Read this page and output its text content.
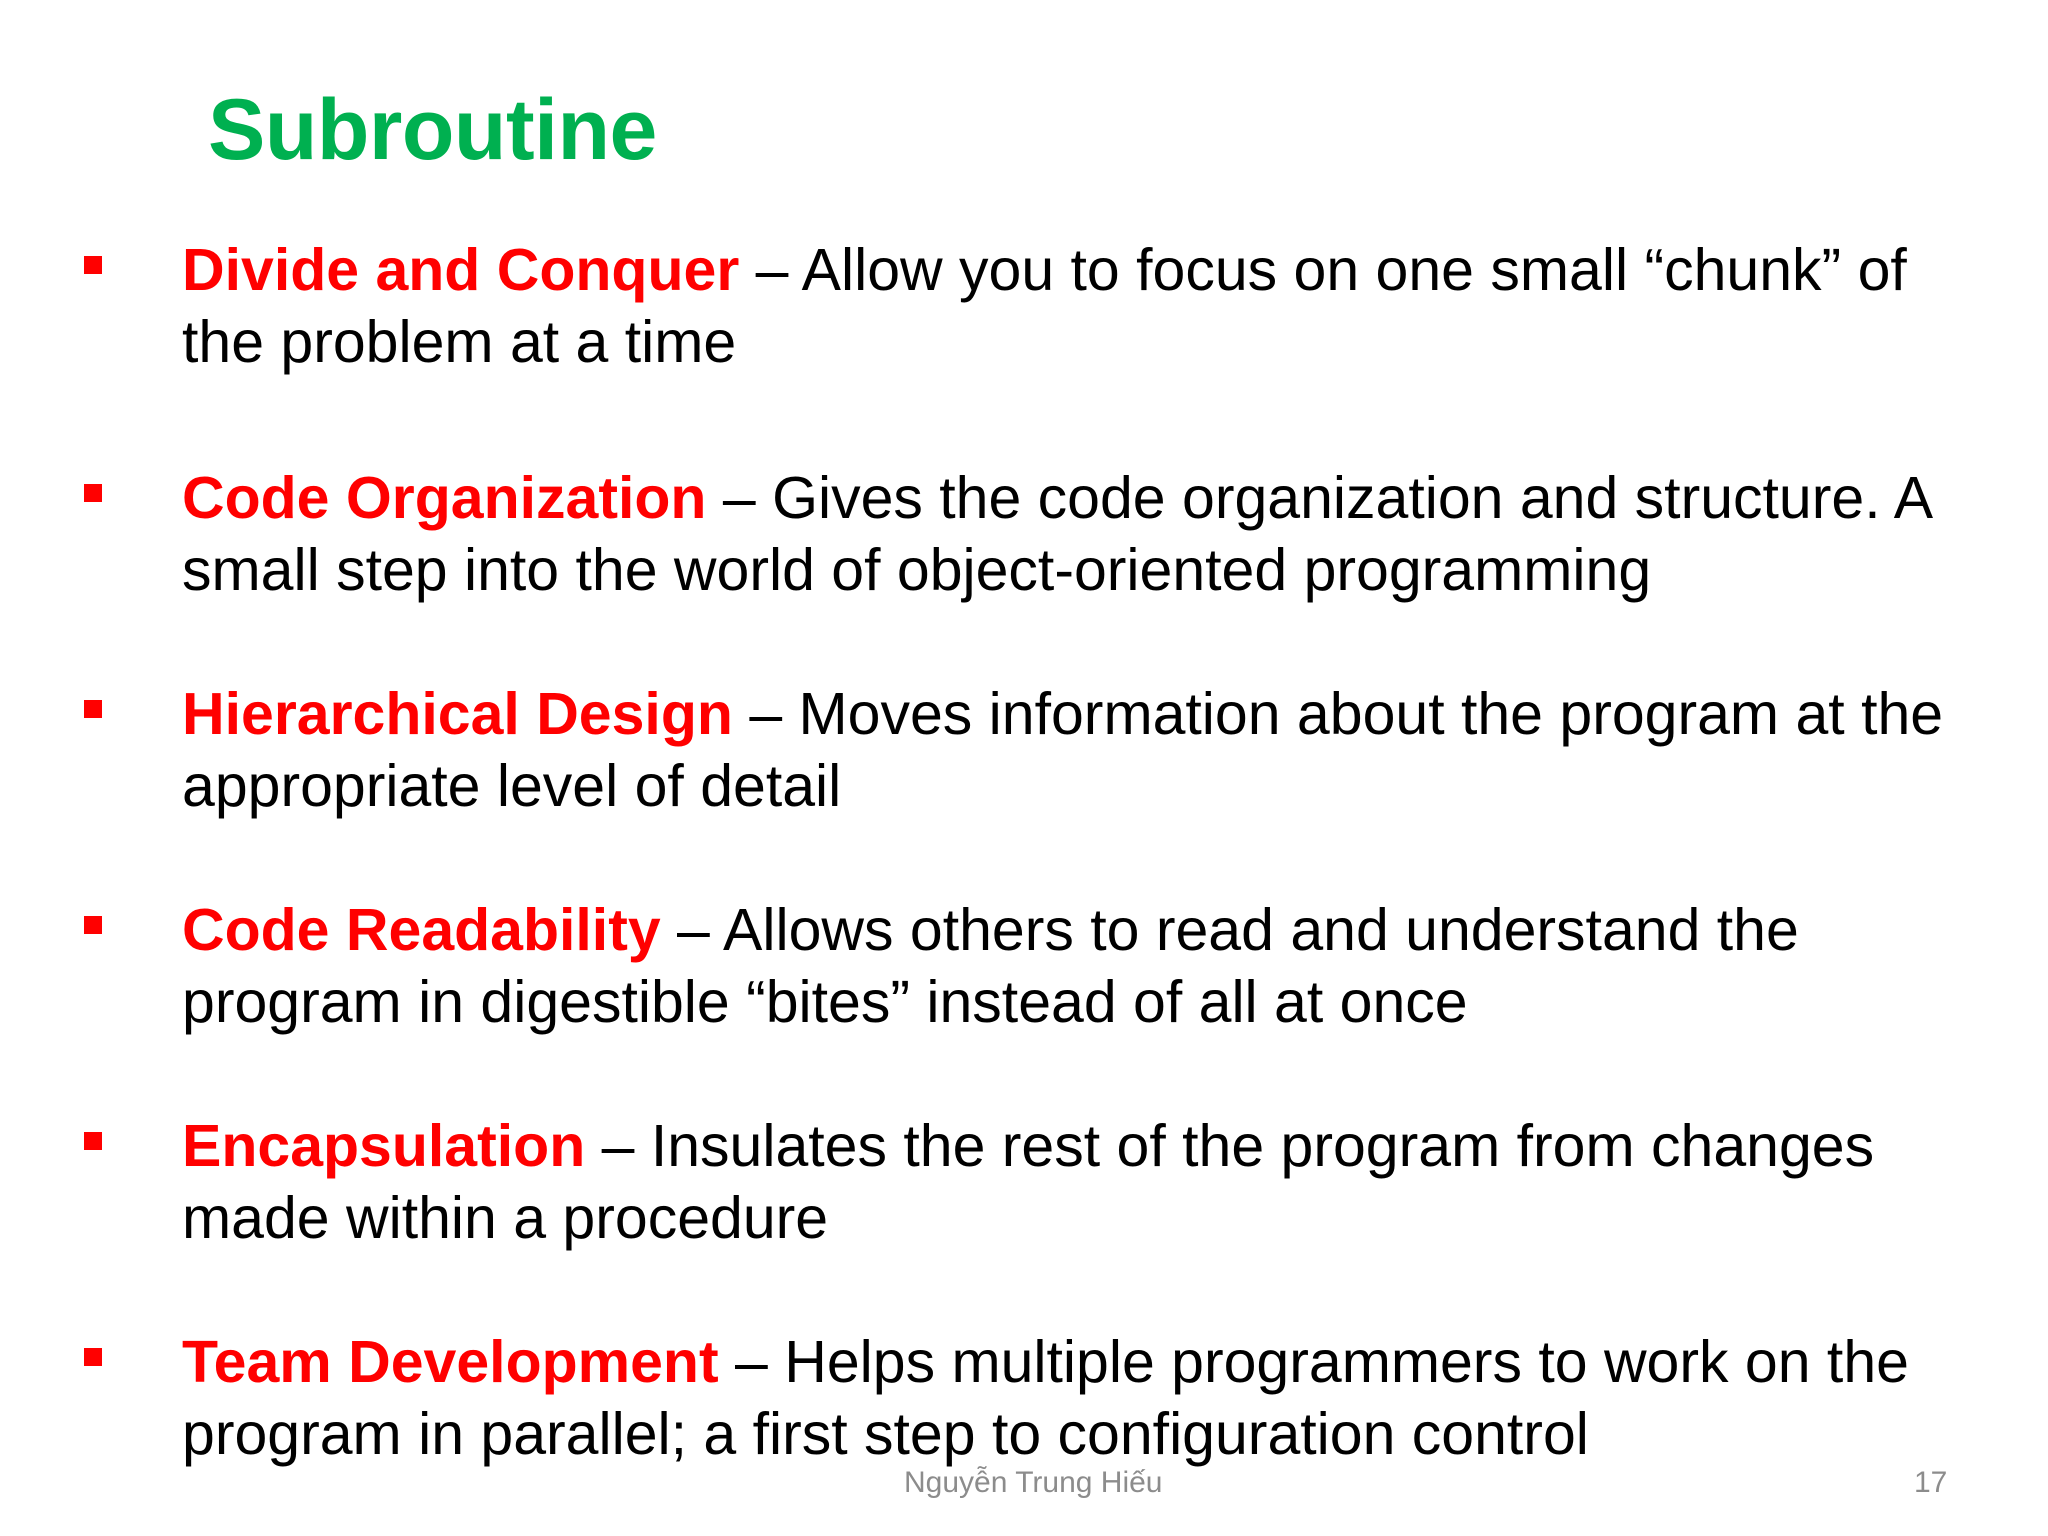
Subroutine

Divide and Conquer – Allow you to focus on one small “chunk” of the problem at a time

Code Organization – Gives the code organization and structure. A small step into the world of object-oriented programming

Hierarchical Design – Moves information about the program at the appropriate level of detail

Code Readability – Allows others to read and understand the program in digestible “bites” instead of all at once

Encapsulation – Insulates the rest of the program from changes made within a procedure

Team Development – Helps multiple programmers to work on the program in parallel; a first step to configuration control

Nguyễn Trung Hiếu	17
